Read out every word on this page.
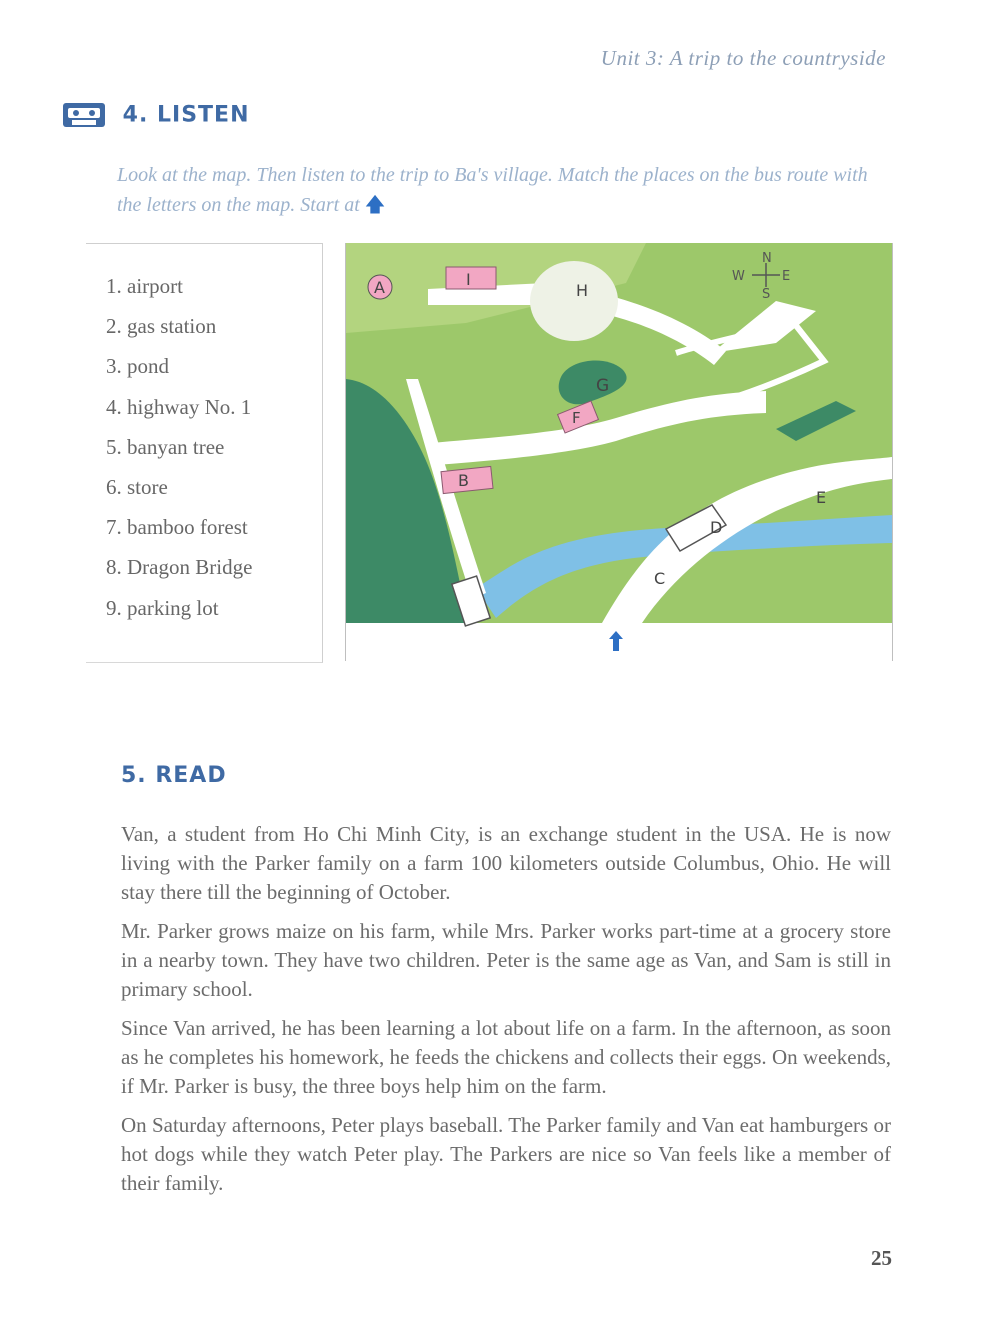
Unit 3: A trip to the countryside
4. LISTEN
Look at the map. Then listen to the trip to Ba's village. Match the places on the bus route with the letters on the map. Start at 🡅
1. airport
2. gas station
3. pond
4. highway No. 1
5. banyan tree
6. store
7. bamboo forest
8. Dragon Bridge
9. parking lot
N
S
E
W
A	I
H
G
F
B
D
E
C
5. READ

Van, a student from Ho Chi Minh City, is an exchange student in the USA. He is now living with the Parker family on a farm 100 kilometers outside Columbus, Ohio. He will stay there till the beginning of October.

Mr. Parker grows maize on his farm, while Mrs. Parker works part-time at a grocery store in a nearby town. They have two children. Peter is the same age as Van, and Sam is still in primary school.

Since Van arrived, he has been learning a lot about life on a farm. In the afternoon, as soon as he completes his homework, he feeds the chickens and collects their eggs. On weekends, if Mr. Parker is busy, the three boys help him on the farm.

On Saturday afternoons, Peter plays baseball. The Parker family and Van eat hamburgers or hot dogs while they watch Peter play. The Parkers are nice so Van feels like a member of their family.

25
